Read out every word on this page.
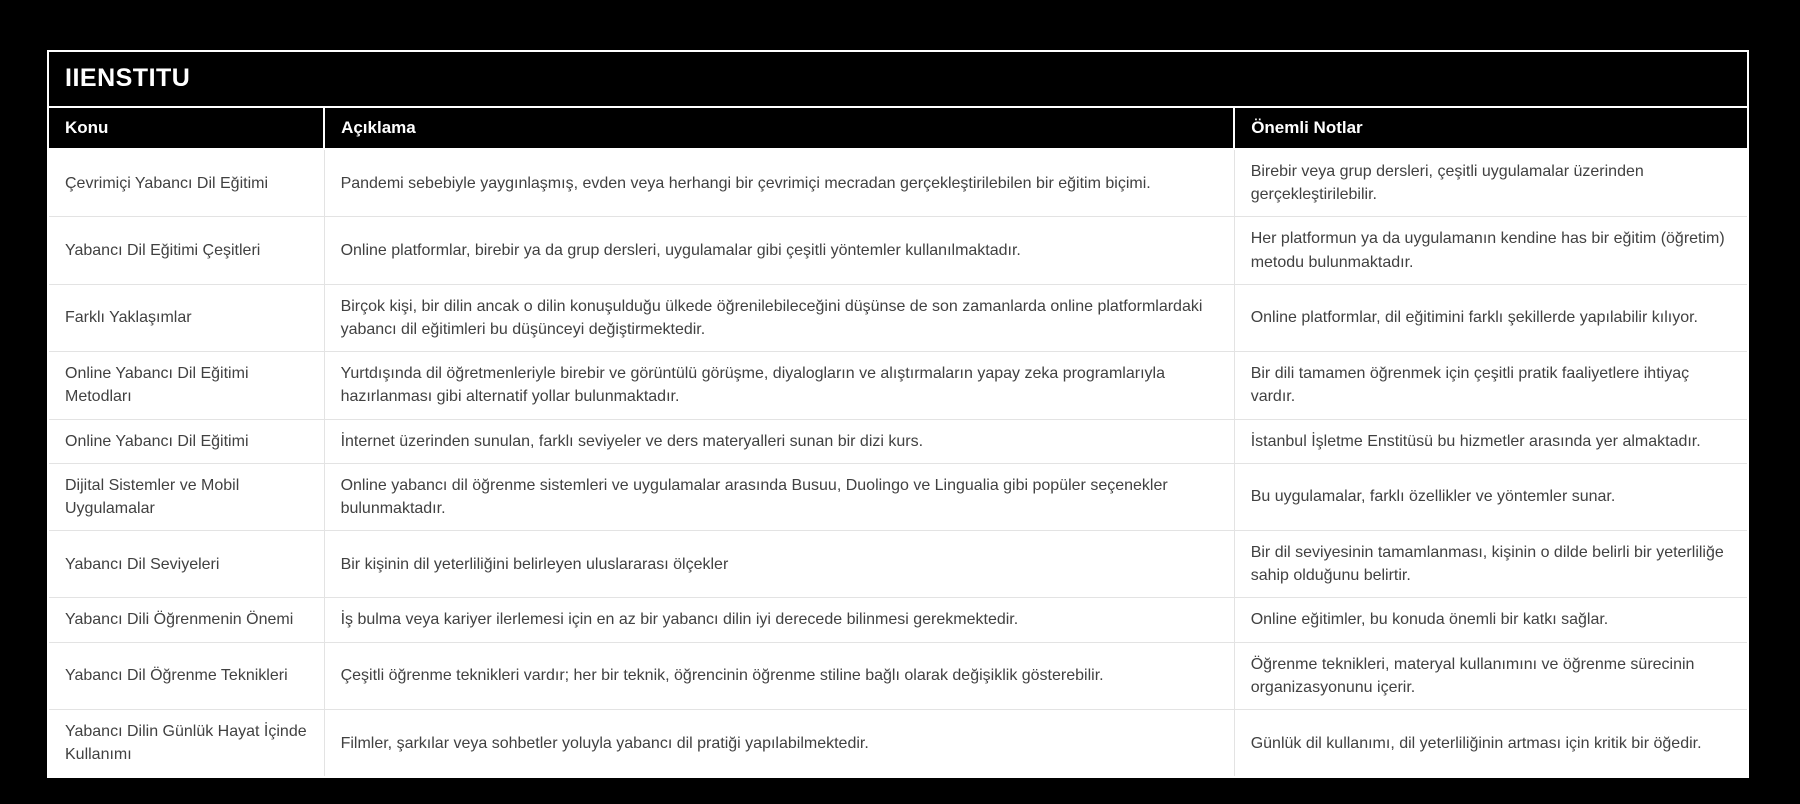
IIENSTITU
Konu	Açıklama	Önemli Notlar
Çevrimiçi Yabancı Dil Eğitimi	Pandemi sebebiyle yaygınlaşmış, evden veya herhangi bir çevrimiçi mecradan gerçekleştirilebilen bir eğitim biçimi.	Birebir veya grup dersleri, çeşitli uygulamalar üzerinden gerçekleştirilebilir.
Yabancı Dil Eğitimi Çeşitleri	Online platformlar, birebir ya da grup dersleri, uygulamalar gibi çeşitli yöntemler kullanılmaktadır.	Her platformun ya da uygulamanın kendine has bir eğitim (öğretim) metodu bulunmaktadır.
Farklı Yaklaşımlar	Birçok kişi, bir dilin ancak o dilin konuşulduğu ülkede öğrenilebileceğini düşünse de son zamanlarda online platformlardaki yabancı dil eğitimleri bu düşünceyi değiştirmektedir.	Online platformlar, dil eğitimini farklı şekillerde yapılabilir kılıyor.
Online Yabancı Dil Eğitimi Metodları	Yurtdışında dil öğretmenleriyle birebir ve görüntülü görüşme, diyalogların ve alıştırmaların yapay zeka programlarıyla hazırlanması gibi alternatif yollar bulunmaktadır.	Bir dili tamamen öğrenmek için çeşitli pratik faaliyetlere ihtiyaç vardır.
Online Yabancı Dil Eğitimi	İnternet üzerinden sunulan, farklı seviyeler ve ders materyalleri sunan bir dizi kurs.	İstanbul İşletme Enstitüsü bu hizmetler arasında yer almaktadır.
Dijital Sistemler ve Mobil Uygulamalar	Online yabancı dil öğrenme sistemleri ve uygulamalar arasında Busuu, Duolingo ve Lingualia gibi popüler seçenekler bulunmaktadır.	Bu uygulamalar, farklı özellikler ve yöntemler sunar.
Yabancı Dil Seviyeleri	Bir kişinin dil yeterliliğini belirleyen uluslararası ölçekler	Bir dil seviyesinin tamamlanması, kişinin o dilde belirli bir yeterliliğe sahip olduğunu belirtir.
Yabancı Dili Öğrenmenin Önemi	İş bulma veya kariyer ilerlemesi için en az bir yabancı dilin iyi derecede bilinmesi gerekmektedir.	Online eğitimler, bu konuda önemli bir katkı sağlar.
Yabancı Dil Öğrenme Teknikleri	Çeşitli öğrenme teknikleri vardır; her bir teknik, öğrencinin öğrenme stiline bağlı olarak değişiklik gösterebilir.	Öğrenme teknikleri, materyal kullanımını ve öğrenme sürecinin organizasyonunu içerir.
Yabancı Dilin Günlük Hayat İçinde Kullanımı	Filmler, şarkılar veya sohbetler yoluyla yabancı dil pratiği yapılabilmektedir.	Günlük dil kullanımı, dil yeterliliğinin artması için kritik bir öğedir.
